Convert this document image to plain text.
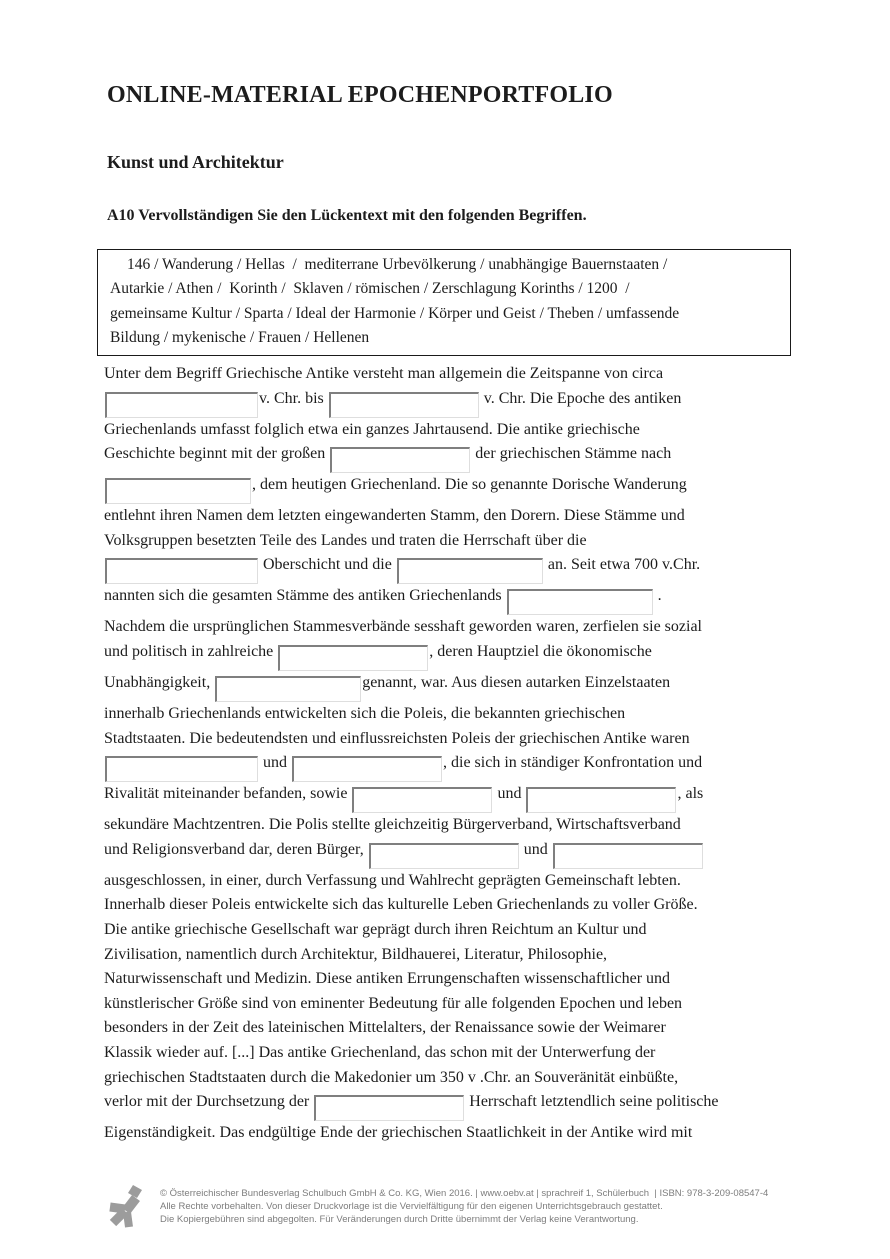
ONLINE-MATERIAL EPOCHENPORTFOLIO
Kunst und Architektur
A10 Vervollständigen Sie den Lückentext mit den folgenden Begriffen.
146 / Wanderung / Hellas  /  mediterrane Urbevölkerung / unabhängige Bauernstaaten /
Autarkie / Athen /  Korinth /  Sklaven / römischen / Zerschlagung Korinths / 1200  /
gemeinsame Kultur / Sparta / Ideal der Harmonie / Körper und Geist / Theben / umfassende
Bildung / mykenische / Frauen / Hellenen
Unter dem Begriff Griechische Antike versteht man allgemein die Zeitspanne von circa
v. Chr. bis	v. Chr. Die Epoche des antiken
Griechenlands umfasst folglich etwa ein ganzes Jahrtausend. Die antike griechische
Geschichte beginnt mit der großen	der griechischen Stämme nach
, dem heutigen Griechenland. Die so genannte Dorische Wanderung
entlehnt ihren Namen dem letzten eingewanderten Stamm, den Dorern. Diese Stämme und
Volksgruppen besetzten Teile des Landes und traten die Herrschaft über die
Oberschicht und die	an. Seit etwa 700 v.Chr.
nannten sich die gesamten Stämme des antiken Griechenlands	.
Nachdem die ursprünglichen Stammesverbände sesshaft geworden waren, zerfielen sie sozial
und politisch in zahlreiche	, deren Hauptziel die ökonomische
Unabhängigkeit,	genannt, war. Aus diesen autarken Einzelstaaten
innerhalb Griechenlands entwickelten sich die Poleis, die bekannten griechischen
Stadtstaaten. Die bedeutendsten und einflussreichsten Poleis der griechischen Antike waren
und	, die sich in ständiger Konfrontation und
Rivalität miteinander befanden, sowie	und	, als
sekundäre Machtzentren. Die Polis stellte gleichzeitig Bürgerverband, Wirtschaftsverband
und Religionsverband dar, deren Bürger,	und
ausgeschlossen, in einer, durch Verfassung und Wahlrecht geprägten Gemeinschaft lebten.
Innerhalb dieser Poleis entwickelte sich das kulturelle Leben Griechenlands zu voller Größe.
Die antike griechische Gesellschaft war geprägt durch ihren Reichtum an Kultur und
Zivilisation, namentlich durch Architektur, Bildhauerei, Literatur, Philosophie,
Naturwissenschaft und Medizin. Diese antiken Errungenschaften wissenschaftlicher und
künstlerischer Größe sind von eminenter Bedeutung für alle folgenden Epochen und leben
besonders in der Zeit des lateinischen Mittelalters, der Renaissance sowie der Weimarer
Klassik wieder auf. [...] Das antike Griechenland, das schon mit der Unterwerfung der
griechischen Stadtstaaten durch die Makedonier um 350 v .Chr. an Souveränität einbüßte,
verlor mit der Durchsetzung der	Herrschaft letztendlich seine politische
Eigenständigkeit. Das endgültige Ende der griechischen Staatlichkeit in der Antike wird mit
© Österreichischer Bundesverlag Schulbuch GmbH & Co. KG, Wien 2016. | www.oebv.at | sprachreif 1, Schülerbuch  | ISBN: 978-3-209-08547-4
Alle Rechte vorbehalten. Von dieser Druckvorlage ist die Vervielfältigung für den eigenen Unterrichtsgebrauch gestattet.
Die Kopiergebühren sind abgegolten. Für Veränderungen durch Dritte übernimmt der Verlag keine Verantwortung.
